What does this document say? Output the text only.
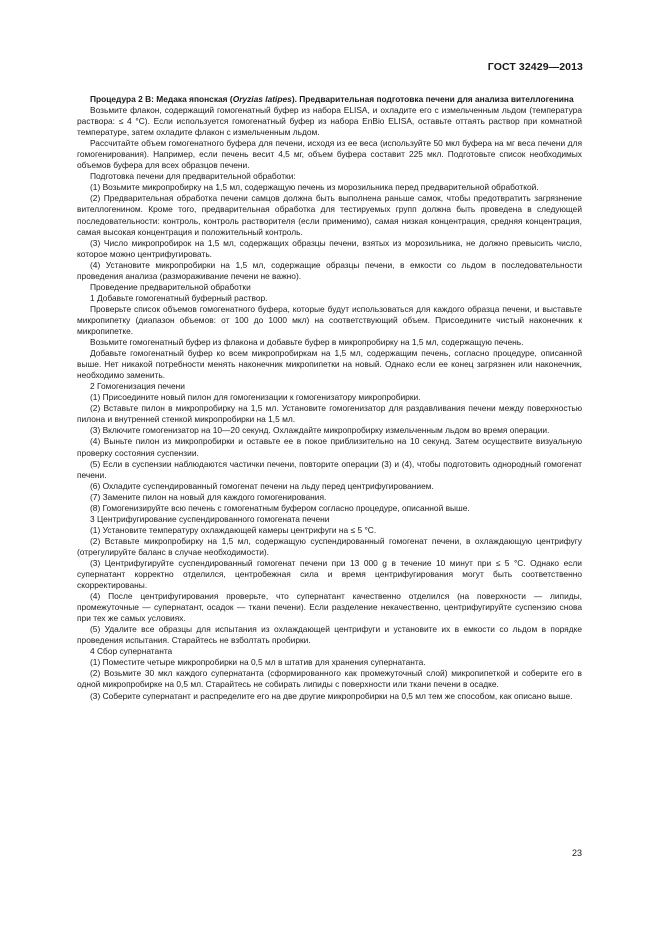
ГОСТ 32429—2013

Процедура 2 В: Медака японская (Oryzias latipes). Предварительная подготовка печени для анализа вителлогенина

Возьмите флакон, содержащий гомогенатный буфер из набора ELISA, и охладите его с измельченным льдом (температура раствора: ≤ 4 °С). Если используется гомогенатный буфер из набора EnBio ELISA, оставьте оттаять раствор при комнатной температуре, затем охладите флакон с измельченным льдом.

Рассчитайте объем гомогенатного буфера для печени, исходя из ее веса (используйте 50 мкл буфера на мг веса печени для гомогенирования). Например, если печень весит 4,5 мг, объем буфера составит 225 мкл. Подготовьте список необходимых объемов буфера для всех образцов печени.

Подготовка печени для предварительной обработки:

(1) Возьмите микропробирку на 1,5 мл, содержащую печень из морозильника перед предварительной обработкой.

(2) Предварительная обработка печени самцов должна быть выполнена раньше самок, чтобы предотвратить загрязнение вителлогенином. Кроме того, предварительная обработка для тестируемых групп должна быть проведена в следующей последовательности: контроль, контроль растворителя (если применимо), самая низкая концентрация, средняя концентрация, самая высокая концентрация и положительный контроль.

(3) Число микропробирок на 1,5 мл, содержащих образцы печени, взятых из морозильника, не должно превысить число, которое можно центрифугировать.

(4) Установите микропробирки на 1,5 мл, содержащие образцы печени, в емкости со льдом в последовательности проведения анализа (размораживание печени не важно).

Проведение предварительной обработки

1 Добавьте гомогенатный буферный раствор.

Проверьте список объемов гомогенатного буфера, которые будут использоваться для каждого образца печени, и выставьте микропипетку (диапазон объемов: от 100 до 1000 мкл) на соответствующий объем. Присоедините чистый наконечник к микропипетке.

Возьмите гомогенатный буфер из флакона и добавьте буфер в микропробирку на 1,5 мл, содержащую печень.

Добавьте гомогенатный буфер ко всем микропробиркам на 1,5 мл, содержащим печень, согласно процедуре, описанной выше. Нет никакой потребности менять наконечник микропипетки на новый. Однако если ее конец загрязнен или наконечник, необходимо заменить.

2 Гомогенизация печени

(1) Присоедините новый пилон для гомогенизации к гомогенизатору микропробирки.

(2) Вставьте пилон в микропробирку на 1,5 мл. Установите гомогенизатор для раздавливания печени между поверхностью пилона и внутренней стенкой микропробирки на 1,5 мл.

(3) Включите гомогенизатор на 10—20 секунд. Охлаждайте микропробирку измельченным льдом во время операции.

(4) Выньте пилон из микропробирки и оставьте ее в покое приблизительно на 10 секунд. Затем осуществите визуальную проверку состояния суспензии.

(5) Если в суспензии наблюдаются частички печени, повторите операции (3) и (4), чтобы подготовить однородный гомогенат печени.

(6) Охладите суспендированный гомогенат печени на льду перед центрифугированием.

(7) Замените пилон на новый для каждого гомогенирования.

(8) Гомогенизируйте всю печень с гомогенатным буфером согласно процедуре, описанной выше.

3 Центрифугирование суспендированного гомогената печени

(1) Установите температуру охлаждающей камеры центрифуги на ≤ 5 °С.

(2) Вставьте микропробирку на 1,5 мл, содержащую суспендированный гомогенат печени, в охлаждающую центрифугу (отрегулируйте баланс в случае необходимости).

(3) Центрифугируйте суспендированный гомогенат печени при 13 000 g в течение 10 минут при ≤ 5 °С. Однако если супернатант корректно отделился, центробежная сила и время центрифугирования могут быть соответственно скорректированы.

(4) После центрифугирования проверьте, что супернатант качественно отделился (на поверхности — липиды, промежуточные — супернатант, осадок — ткани печени). Если разделение некачественно, центрифугируйте суспензию снова при тех же самых условиях.

(5) Удалите все образцы для испытания из охлаждающей центрифуги и установите их в емкости со льдом в порядке проведения испытания. Старайтесь не взболтать пробирки.

4 Сбор супернатанта

(1) Поместите четыре микропробирки на 0,5 мл в штатив для хранения супернатанта.

(2) Возьмите 30 мкл каждого супернатанта (сформированного как промежуточный слой) микропипеткой и соберите его в одной микропробирке на 0,5 мл. Старайтесь не собирать липиды с поверхности или ткани печени в осадке.

(3) Соберите супернатант и распределите его на две другие микропробирки на 0,5 мл тем же способом, как описано выше.

23
